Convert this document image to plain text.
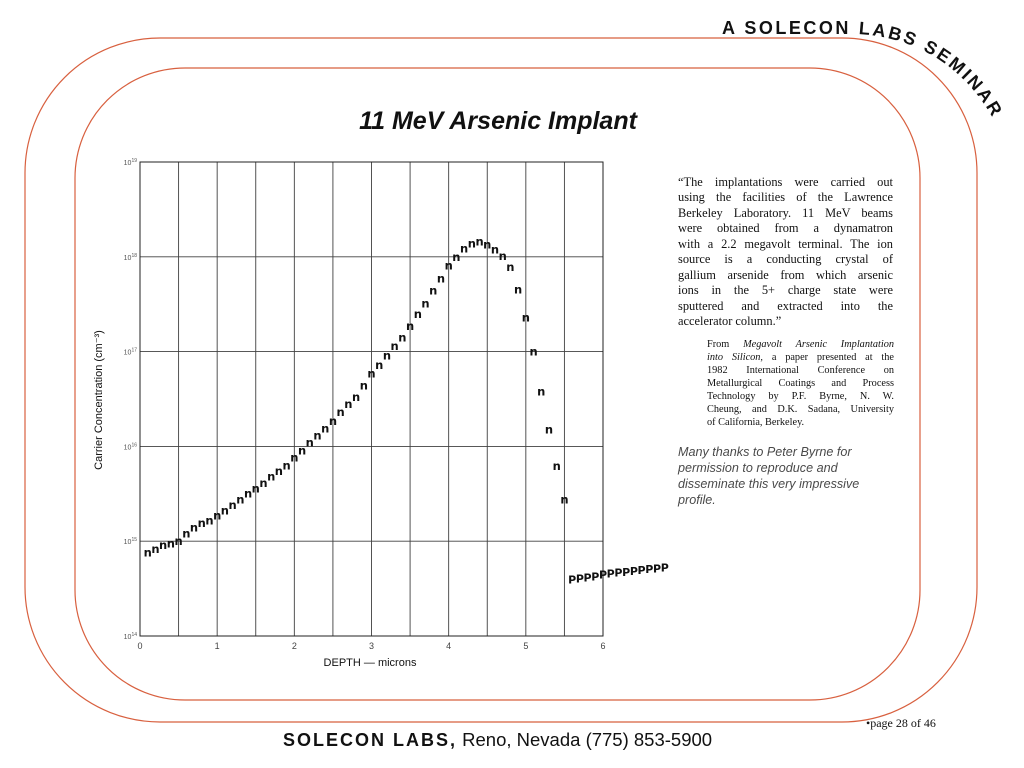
A SOLECON LABS SEMINAR
11 MeV Arsenic Implant
0	1	2	3	4	5	6
$10^{14}$
$10^{15}$
$10^{16}$
$10^{17}$
$10^{18}$
$10^{19}$
n n n n n
n n n n n n n n n n n n n n
n
n
n n
n
n
n
n n
n
n
n
n
n
n
n
n
n
n
n
n
n
n n n n n n
n
n
n
n
n
n
n
n
P P P P P P P P P P P P P
Carrier Concentration (cm⁻³)
DEPTH — microns
“The implantations were carried out
using the facilities of the Lawrence
Berkeley Laboratory. 11 MeV beams
were obtained from a dynamatron
with a 2.2 megavolt terminal. The ion
source is a conducting crystal of
gallium arsenide from which arsenic
ions in the 5+ charge state were
sputtered and extracted into the
accelerator column.”
From Megavolt Arsenic Implantation
into Silicon, a paper presented at the
1982 International Conference on
Metallurgical Coatings and Process
Technology by P.F. Byrne, N. W.
Cheung, and D.K. Sadana, University
of California, Berkeley.
Many thanks to Peter Byrne for
permission to reproduce and
disseminate this very impressive
profile.
•page 28 of 46
SOLECON LABS, Reno, Nevada (775) 853-5900
